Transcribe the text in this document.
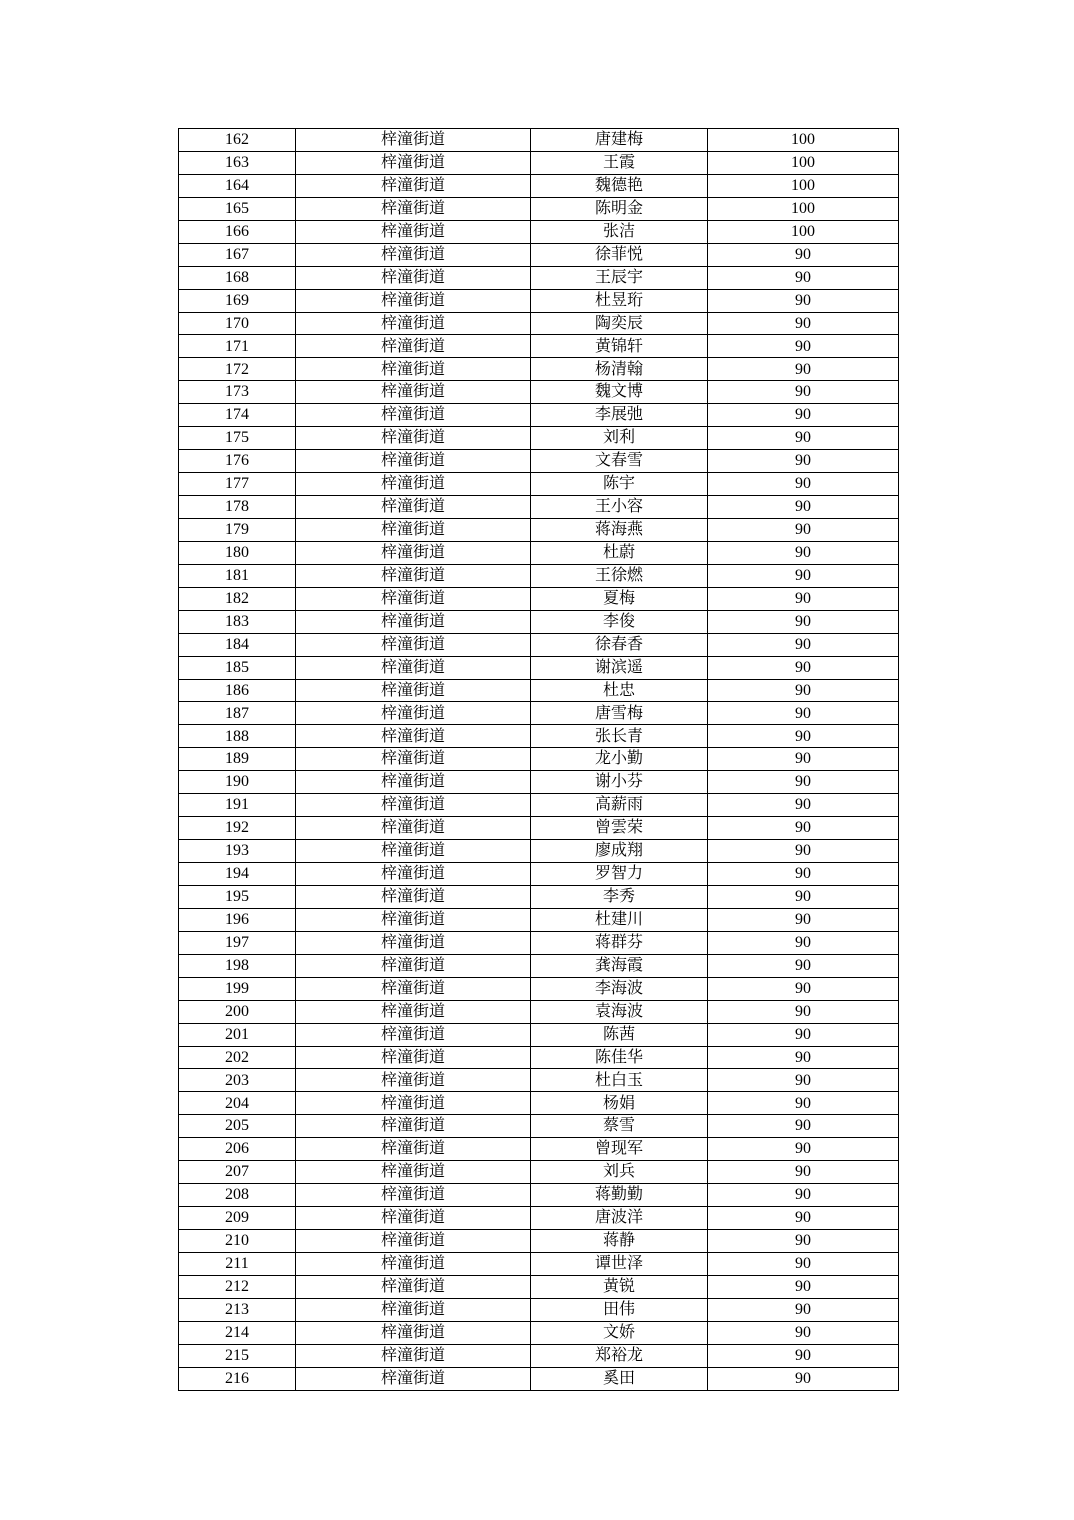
162	梓潼街道	唐建梅	100
163	梓潼街道	王霞	100
164	梓潼街道	魏德艳	100
165	梓潼街道	陈明金	100
166	梓潼街道	张洁	100
167	梓潼街道	徐菲悦	90
168	梓潼街道	王辰宇	90
169	梓潼街道	杜昱珩	90
170	梓潼街道	陶奕辰	90
171	梓潼街道	黄锦轩	90
172	梓潼街道	杨清翰	90
173	梓潼街道	魏文博	90
174	梓潼街道	李展弛	90
175	梓潼街道	刘利	90
176	梓潼街道	文春雪	90
177	梓潼街道	陈宇	90
178	梓潼街道	王小容	90
179	梓潼街道	蒋海燕	90
180	梓潼街道	杜蔚	90
181	梓潼街道	王徐燃	90
182	梓潼街道	夏梅	90
183	梓潼街道	李俊	90
184	梓潼街道	徐春香	90
185	梓潼街道	谢滨遥	90
186	梓潼街道	杜忠	90
187	梓潼街道	唐雪梅	90
188	梓潼街道	张长青	90
189	梓潼街道	龙小勤	90
190	梓潼街道	谢小芬	90
191	梓潼街道	高薪雨	90
192	梓潼街道	曾雲荣	90
193	梓潼街道	廖成翔	90
194	梓潼街道	罗智力	90
195	梓潼街道	李秀	90
196	梓潼街道	杜建川	90
197	梓潼街道	蒋群芬	90
198	梓潼街道	龚海霞	90
199	梓潼街道	李海波	90
200	梓潼街道	袁海波	90
201	梓潼街道	陈茜	90
202	梓潼街道	陈佳华	90
203	梓潼街道	杜白玉	90
204	梓潼街道	杨娟	90
205	梓潼街道	蔡雪	90
206	梓潼街道	曾现军	90
207	梓潼街道	刘兵	90
208	梓潼街道	蒋勤勤	90
209	梓潼街道	唐波洋	90
210	梓潼街道	蒋静	90
211	梓潼街道	谭世泽	90
212	梓潼街道	黄锐	90
213	梓潼街道	田伟	90
214	梓潼街道	文娇	90
215	梓潼街道	郑裕龙	90
216	梓潼街道	奚田	90
